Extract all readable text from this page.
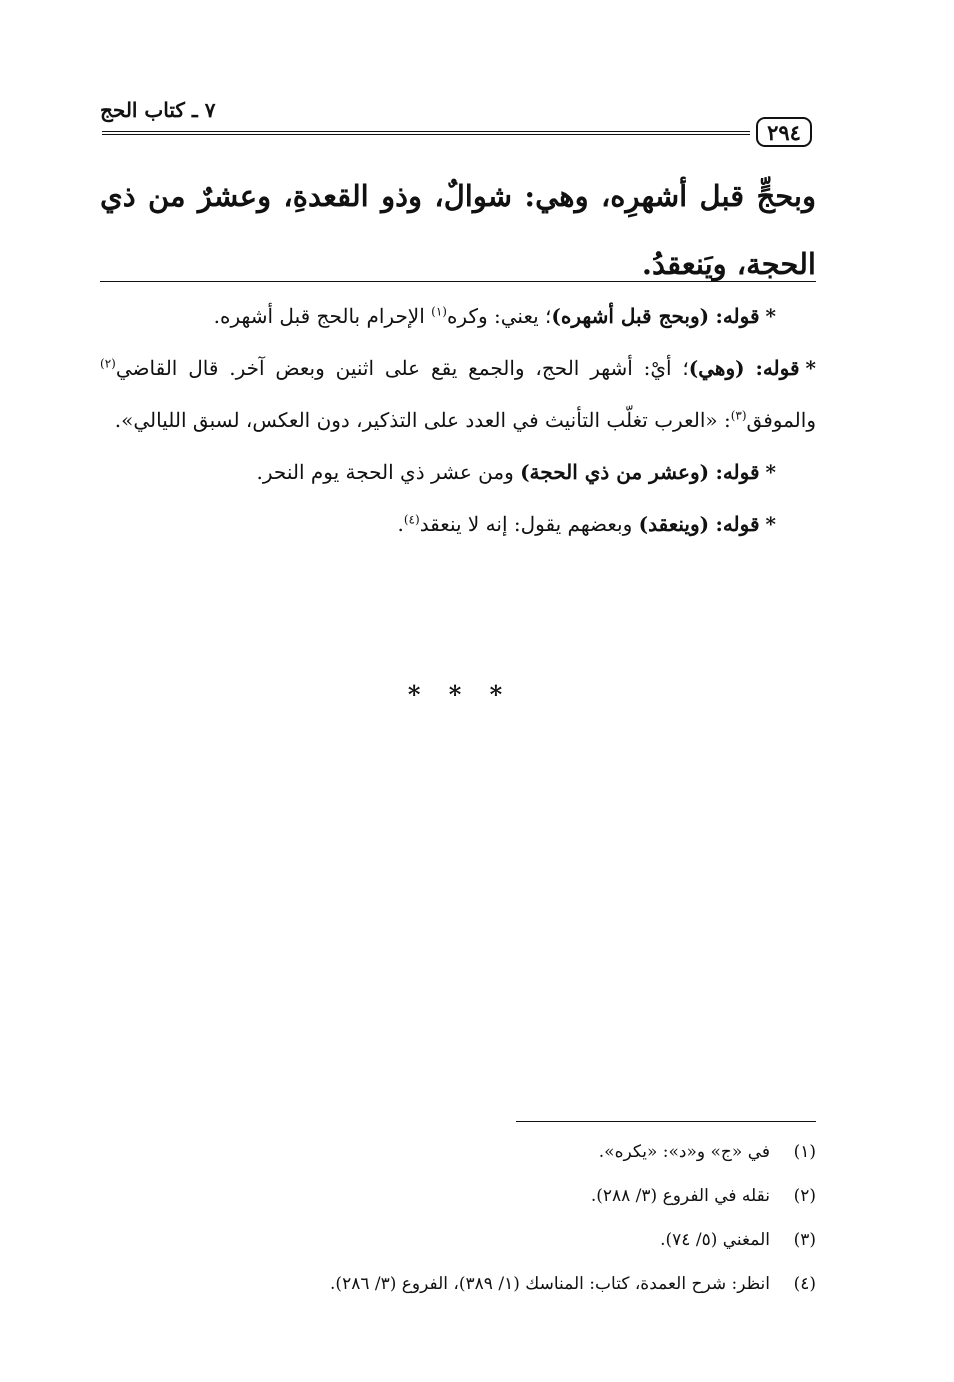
٧ ـ كتاب الحج
٢٩٤
وبحجٍّ قبل أشهرِه، وهي: شوالٌ، وذو القعدةِ، وعشرٌ من ذي الحجة، ويَنعقدُ.
*قوله: (وبحج قبل أشهره)؛ يعني: وكره$^{(١)}$ الإحرام بالحج قبل أشهره.
*قوله: (وهي)؛ أيْ: أشهر الحج، والجمع يقع على اثنين وبعض آخر. قال القاضي$^{(٢)}$ والموفق$^{(٣)}$: «العرب تغلّب التأنيث في العدد على التذكير، دون العكس، لسبق الليالي».
*قوله: (وعشر من ذي الحجة) ومن عشر ذي الحجة يوم النحر.
*قوله: (وينعقد) وبعضهم يقول: إنه لا ينعقد$^{(٤)}$.
* * *
(١)في «ج» و«د»: «يكره».
(٢)نقله في الفروع (٣/ ٢٨٨).
(٣)المغني (٥/ ٧٤).
(٤)انظر: شرح العمدة، كتاب: المناسك (١/ ٣٨٩)، الفروع (٣/ ٢٨٦).
